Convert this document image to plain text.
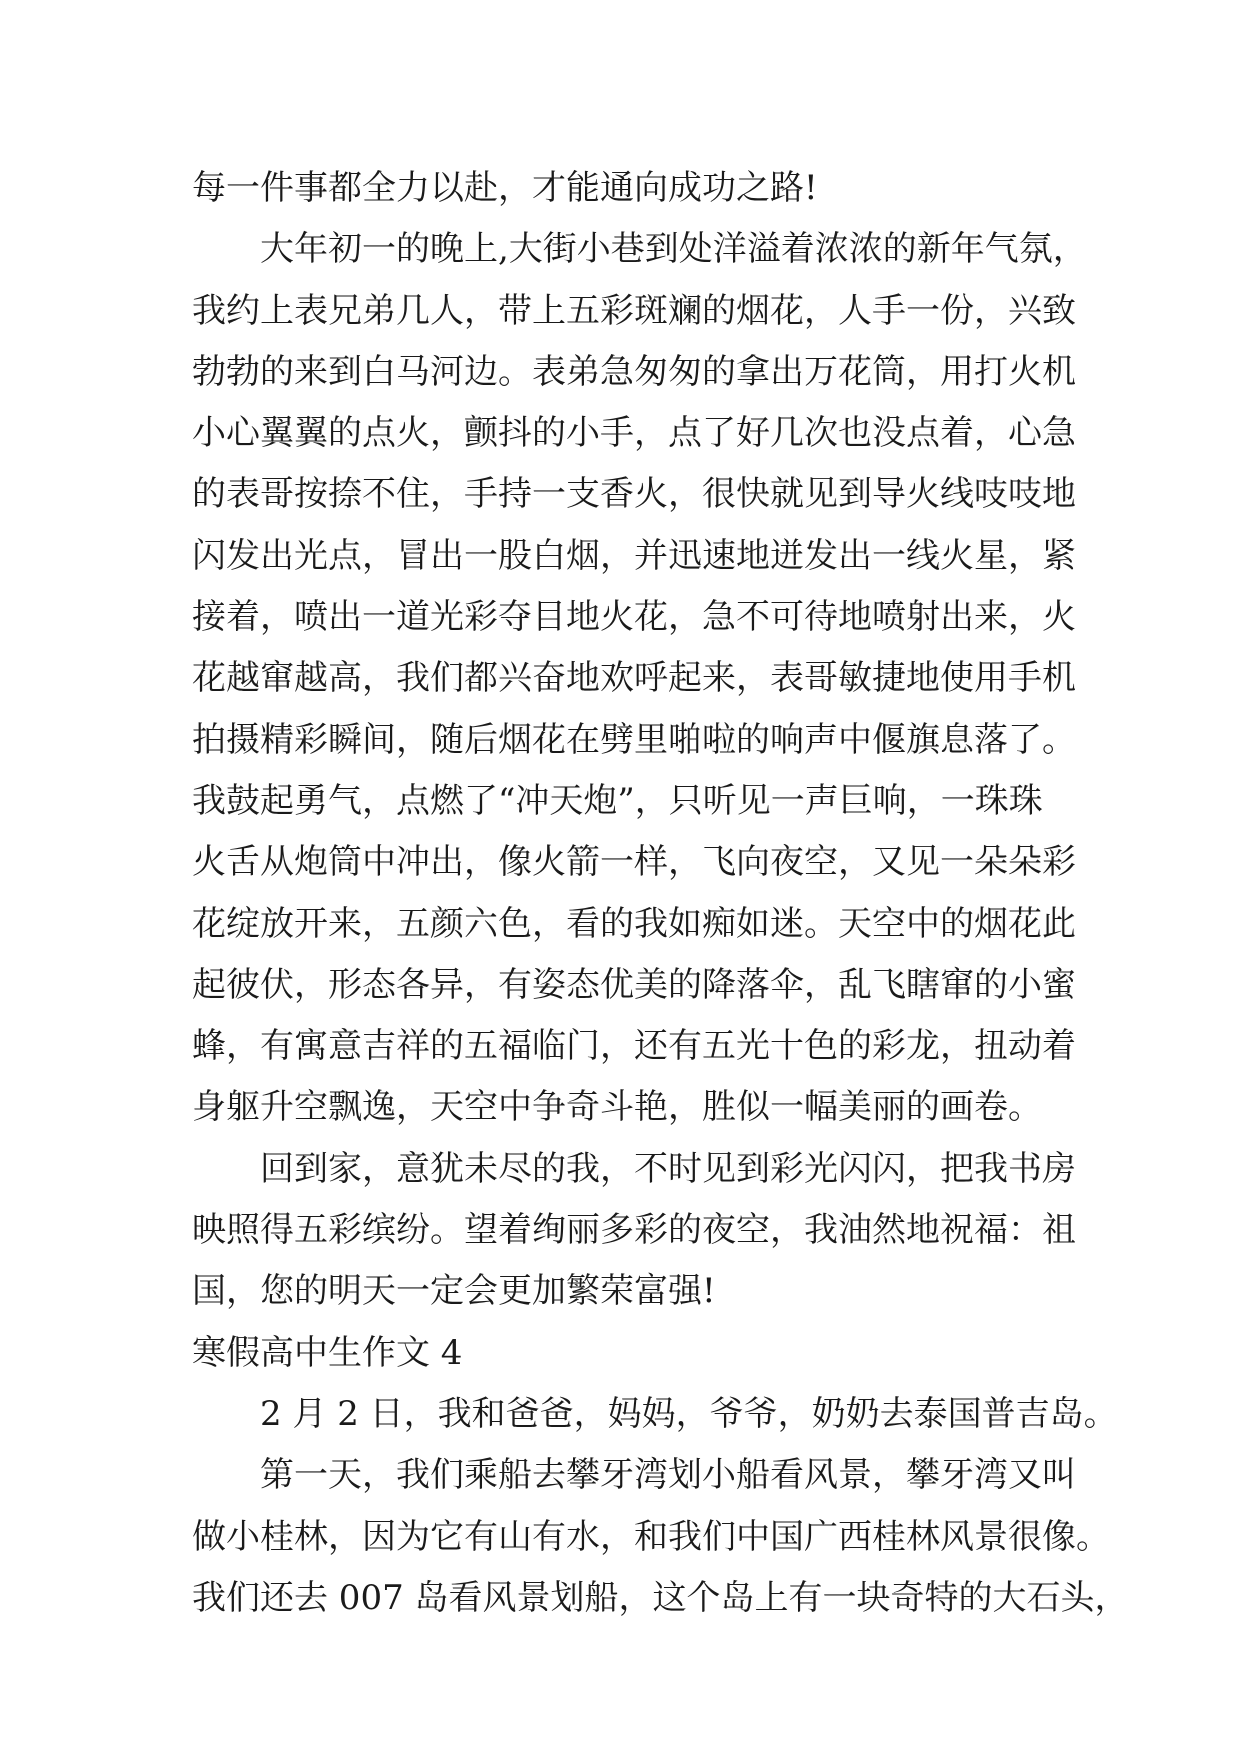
每一件事都全力以赴，才能通向成功之路!
大年初一的晚上,大街小巷到处洋溢着浓浓的新年气氛，
我约上表兄弟几人，带上五彩斑斓的烟花，人手一份，兴致
勃勃的来到白马河边。表弟急匆匆的拿出万花筒，用打火机
小心翼翼的点火，颤抖的小手，点了好几次也没点着，心急
的表哥按捺不住，手持一支香火，很快就见到导火线吱吱地
闪发出光点，冒出一股白烟，并迅速地迸发出一线火星，紧
接着，喷出一道光彩夺目地火花，急不可待地喷射出来，火
花越窜越高，我们都兴奋地欢呼起来，表哥敏捷地使用手机
拍摄精彩瞬间，随后烟花在劈里啪啦的响声中偃旗息落了。
我鼓起勇气，点燃了“冲天炮”，只听见一声巨响，一珠珠
火舌从炮筒中冲出，像火箭一样，飞向夜空，又见一朵朵彩
花绽放开来，五颜六色，看的我如痴如迷。天空中的烟花此
起彼伏，形态各异，有姿态优美的降落伞，乱飞瞎窜的小蜜
蜂，有寓意吉祥的五福临门，还有五光十色的彩龙，扭动着
身躯升空飘逸，天空中争奇斗艳，胜似一幅美丽的画卷。
回到家，意犹未尽的我，不时见到彩光闪闪，把我书房
映照得五彩缤纷。望着绚丽多彩的夜空，我油然地祝福：祖
国，您的明天一定会更加繁荣富强!
寒假高中生作文 4
2 月 2 日，我和爸爸，妈妈，爷爷，奶奶去泰国普吉岛。
第一天，我们乘船去攀牙湾划小船看风景，攀牙湾又叫
做小桂林，因为它有山有水，和我们中国广西桂林风景很像。
我们还去 007 岛看风景划船，这个岛上有一块奇特的大石头，
